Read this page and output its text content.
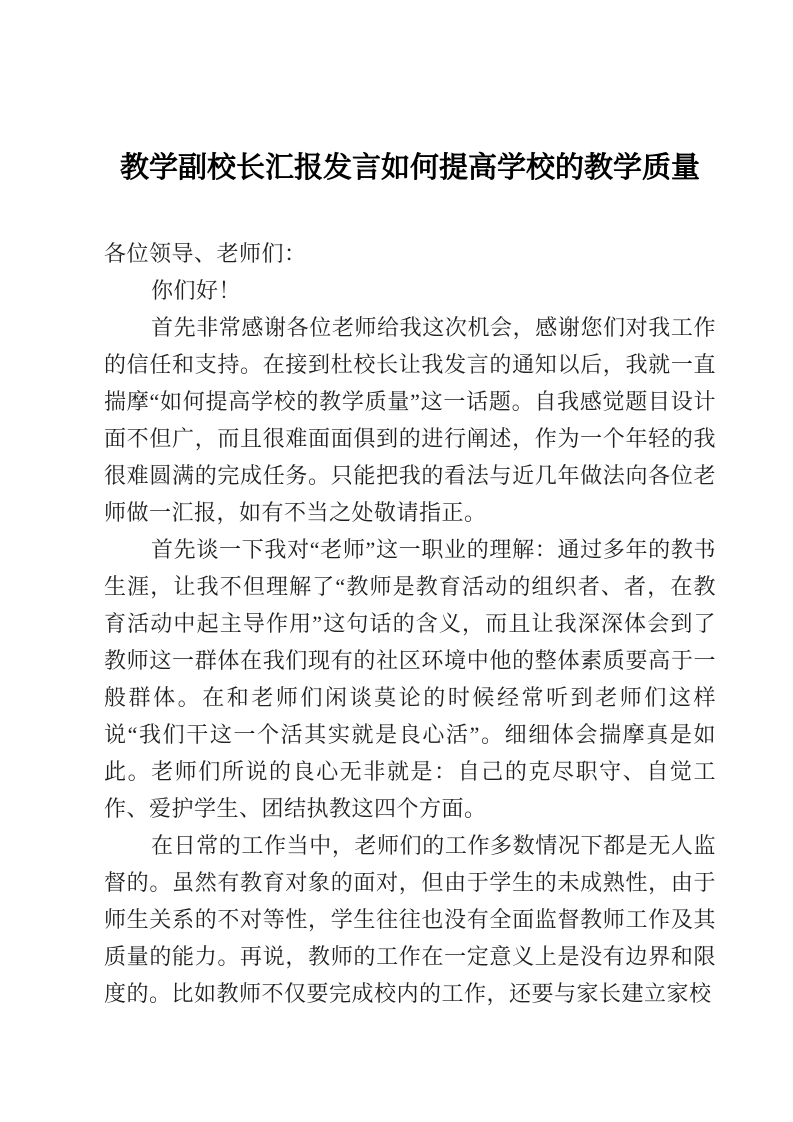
教学副校长汇报发言如何提高学校的教学质量

各位领导、老师们：

你们好！

首先非常感谢各位老师给我这次机会，感谢您们对我工作的信任和支持。在接到杜校长让我发言的通知以后，我就一直揣摩“如何提高学校的教学质量”这一话题。自我感觉题目设计面不但广，而且很难面面俱到的进行阐述，作为一个年轻的我很难圆满的完成任务。只能把我的看法与近几年做法向各位老师做一汇报，如有不当之处敬请指正。

首先谈一下我对“老师”这一职业的理解：通过多年的教书生涯，让我不但理解了“教师是教育活动的组织者、者，在教育活动中起主导作用”这句话的含义，而且让我深深体会到了教师这一群体在我们现有的社区环境中他的整体素质要高于一般群体。在和老师们闲谈莫论的时候经常听到老师们这样说“我们干这一个活其实就是良心活”。细细体会揣摩真是如此。老师们所说的良心无非就是：自己的克尽职守、自觉工作、爱护学生、团结执教这四个方面。

在日常的工作当中，老师们的工作多数情况下都是无人监督的。虽然有教育对象的面对，但由于学生的未成熟性，由于师生关系的不对等性，学生往往也没有全面监督教师工作及其质量的能力。再说，教师的工作在一定意义上是没有边界和限度的。比如教师不仅要完成校内的工作，还要与家长建立家校
